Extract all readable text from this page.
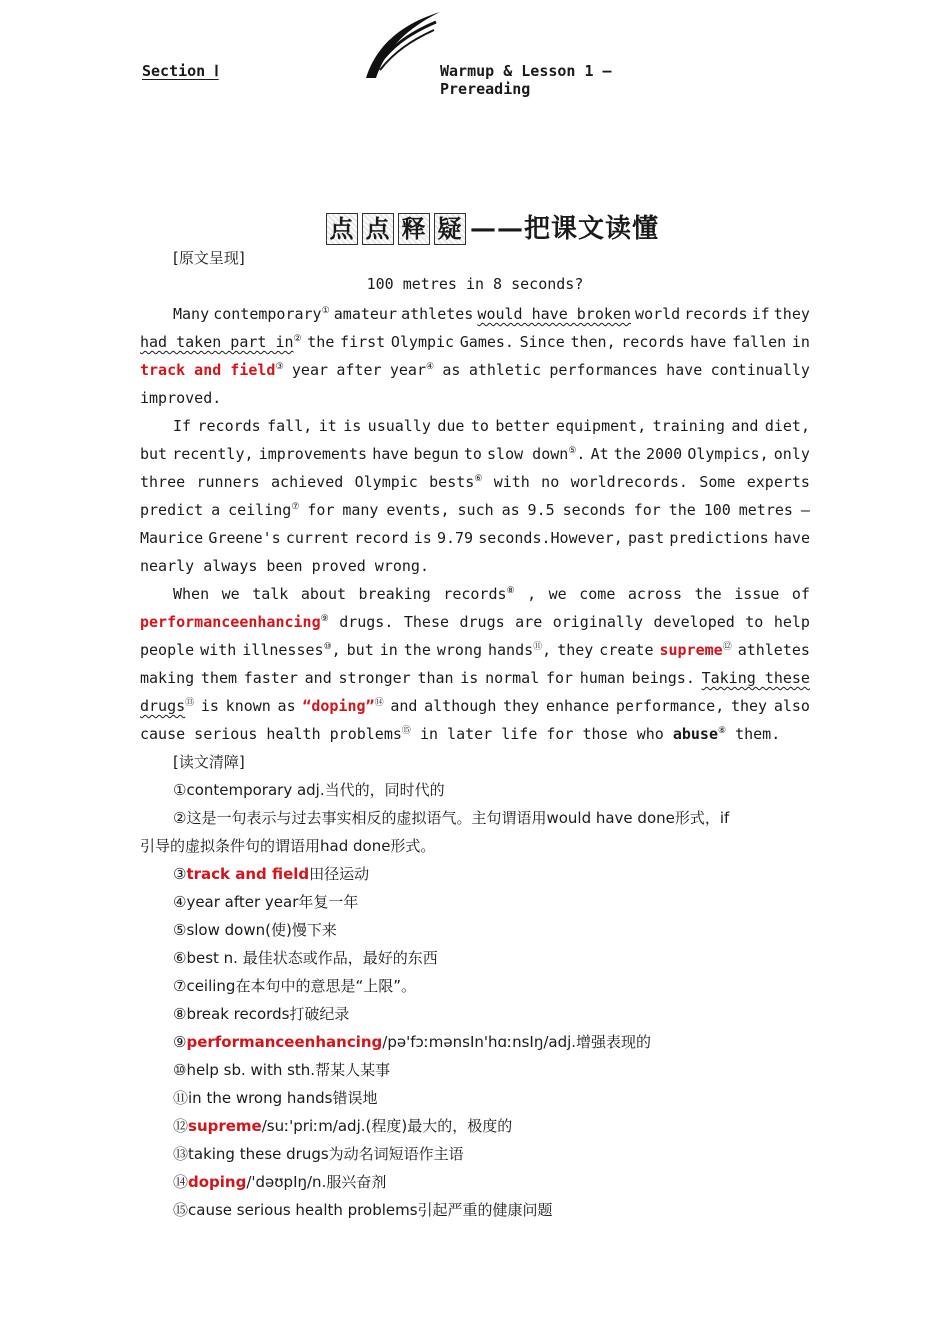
Section Ⅰ	Warmup & Lesson 1 — Prereading
点 点 释 疑 ——把课文读懂
[原文呈现]
100 metres in 8 seconds?
Many contemporary① amateur athletes would have broken world records if they
had taken part in② the first Olympic Games. Since then, records have fallen in
track and field③ year after year④ as athletic performances have continually
improved.
If records fall, it is usually due to better equipment, training and diet,
but recently, improvements have begun to slow down⑤. At the 2000 Olympics, only
three runners achieved Olympic bests⑥ with no worldrecords. Some experts
predict a ceiling⑦ for many events, such as 9.5 seconds for the 100 metres —
Maurice Greene's current record is 9.79 seconds.However, past predictions have
nearly always been proved wrong.
When we talk about breaking records⑧ , we come across the issue of
performanceenhancing⑨ drugs. These drugs are originally developed to help
people with illnesses⑩, but in the wrong hands⑪, they create supreme⑫ athletes
making them faster and stronger than is normal for human beings. Taking these
drugs⑬ is known as “doping”⑭ and although they enhance performance, they also
cause serious health problems⑮ in later life for those who abuse⑧ them.
[读文清障]
①contemporary adj.当代的，同时代的
②这是一句表示与过去事实相反的虚拟语气。主句谓语用would have done形式，if
引导的虚拟条件句的谓语用had done形式。
③track and field田径运动
④year after year年复一年
⑤slow down(使)慢下来
⑥best n. 最佳状态或作品，最好的东西
⑦ceiling在本句中的意思是“上限”。
⑧break records打破纪录
⑨performanceenhancing/pə'fɔːmənsIn'hɑːnsIŋ/adj.增强表现的
⑩help sb. with sth.帮某人某事
⑪in the wrong hands错误地
⑫supreme/suː'priːm/adj.(程度)最大的，极度的
⑬taking these drugs为动名词短语作主语
⑭doping/'dəʊpIŋ/n.服兴奋剂
⑮cause serious health problems引起严重的健康问题
